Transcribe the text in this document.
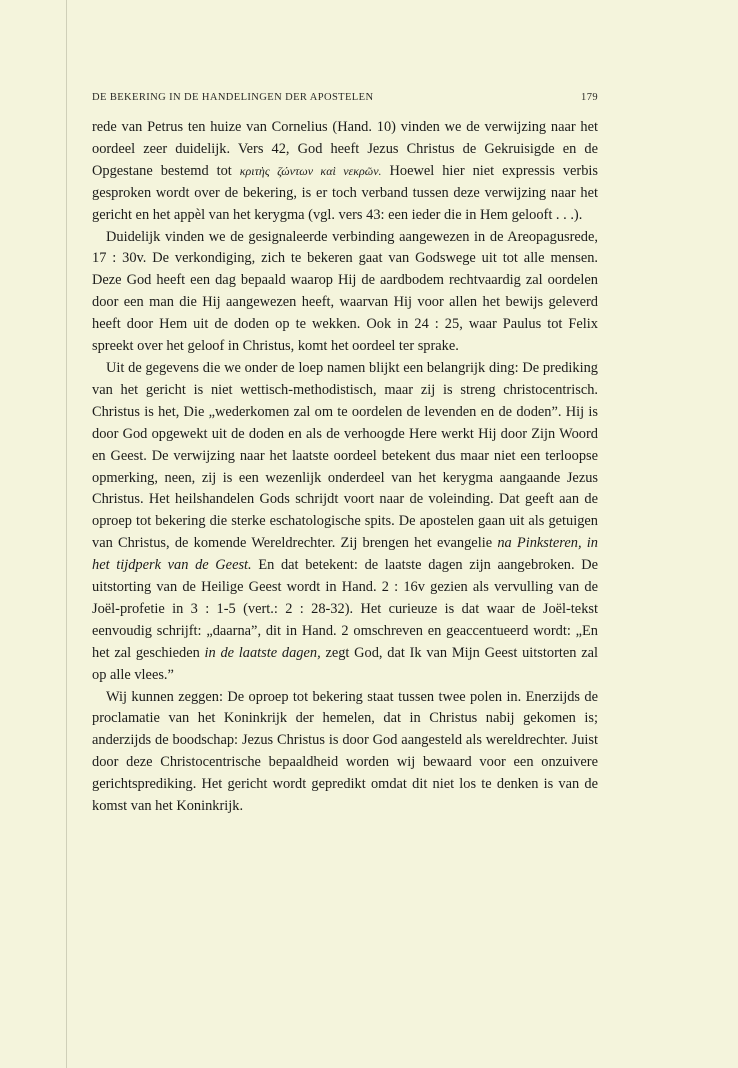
DE BEKERING IN DE HANDELINGEN DER APOSTELEN	179

rede van Petrus ten huize van Cornelius (Hand. 10) vinden we de verwijzing naar het oordeel zeer duidelijk. Vers 42, God heeft Jezus Christus de Gekruisigde en de Opgestane bestemd tot κριτὴς ζώντων καὶ νεκρῶν. Hoewel hier niet expressis verbis gesproken wordt over de bekering, is er toch verband tussen deze verwijzing naar het gericht en het appèl van het kerygma (vgl. vers 43: een ieder die in Hem gelooft . . .).

Duidelijk vinden we de gesignaleerde verbinding aangewezen in de Areopagusrede, 17 : 30v. De verkondiging, zich te bekeren gaat van Godswege uit tot alle mensen. Deze God heeft een dag bepaald waarop Hij de aardbodem rechtvaardig zal oordelen door een man die Hij aangewezen heeft, waarvan Hij voor allen het bewijs geleverd heeft door Hem uit de doden op te wekken. Ook in 24 : 25, waar Paulus tot Felix spreekt over het geloof in Christus, komt het oordeel ter sprake.

Uit de gegevens die we onder de loep namen blijkt een belangrijk ding: De prediking van het gericht is niet wettisch-methodistisch, maar zij is streng christocentrisch. Christus is het, Die „wederkomen zal om te oordelen de levenden en de doden”. Hij is door God opgewekt uit de doden en als de verhoogde Here werkt Hij door Zijn Woord en Geest. De verwijzing naar het laatste oordeel betekent dus maar niet een terloopse opmerking, neen, zij is een wezenlijk onderdeel van het kerygma aangaande Jezus Christus. Het heilshandelen Gods schrijdt voort naar de voleinding. Dat geeft aan de oproep tot bekering die sterke eschatologische spits. De apostelen gaan uit als getuigen van Christus, de komende Wereldrechter. Zij brengen het evangelie na Pinksteren, in het tijdperk van de Geest. En dat betekent: de laatste dagen zijn aangebroken. De uitstorting van de Heilige Geest wordt in Hand. 2 : 16v gezien als vervulling van de Joël-profetie in 3 : 1-5 (vert.: 2 : 28-32). Het curieuze is dat waar de Joël-tekst eenvoudig schrijft: „daarna”, dit in Hand. 2 omschreven en geaccentueerd wordt: „En het zal geschieden in de laatste dagen, zegt God, dat Ik van Mijn Geest uitstorten zal op alle vlees.”

Wij kunnen zeggen: De oproep tot bekering staat tussen twee polen in. Enerzijds de proclamatie van het Koninkrijk der hemelen, dat in Christus nabij gekomen is; anderzijds de boodschap: Jezus Christus is door God aangesteld als wereldrechter. Juist door deze Christocentrische bepaaldheid worden wij bewaard voor een onzuivere gerichtsprediking. Het gericht wordt gepredikt omdat dit niet los te denken is van de komst van het Koninkrijk.
